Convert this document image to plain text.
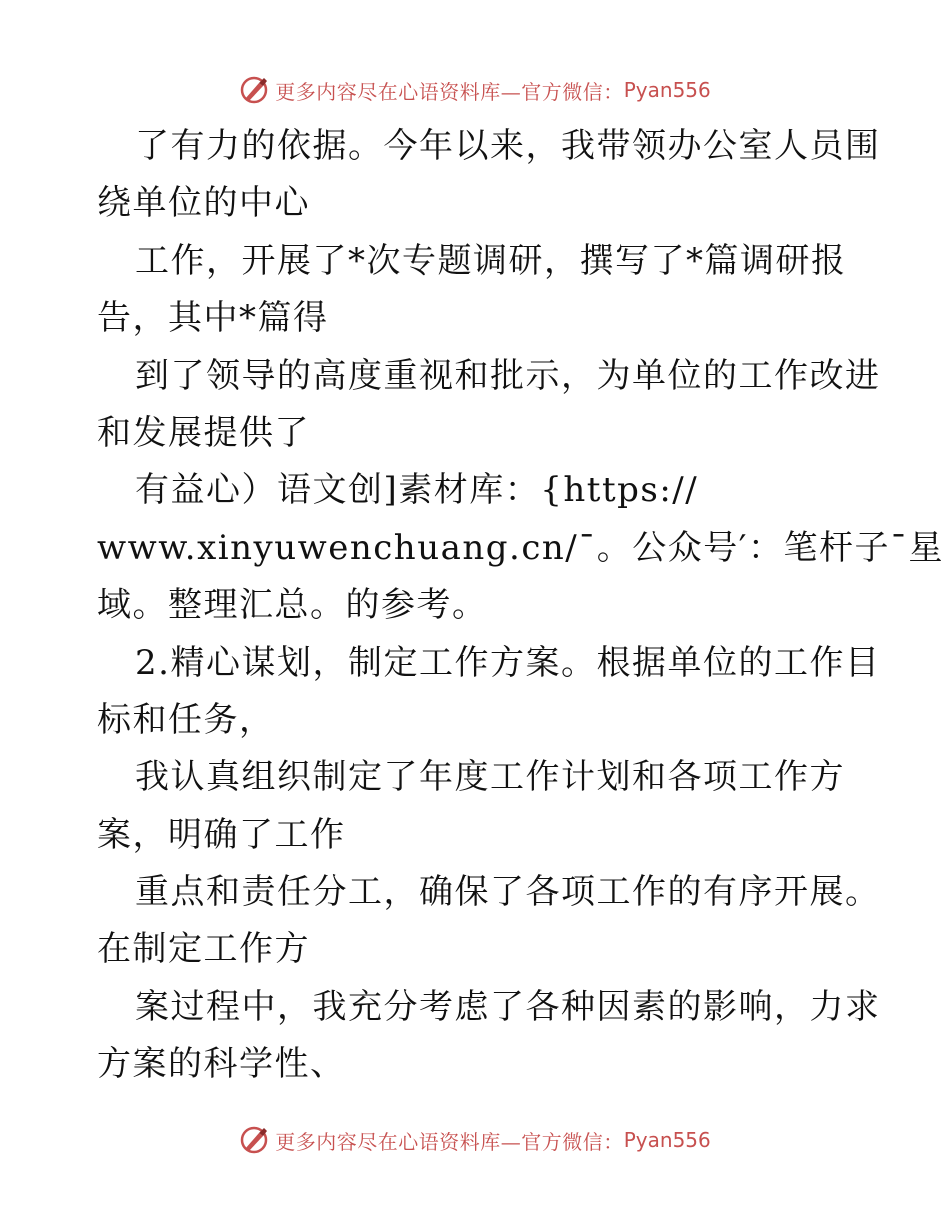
更多内容尽在心语资料库—官方微信： Pyan556
了有力的依据。今年以来，我带领办公室人员围
绕单位的中心
工作，开展了*次专题调研，撰写了*篇调研报
告，其中*篇得
到了领导的高度重视和批示，为单位的工作改进
和发展提供了
有益心）语文创]素材库：{https://
www.xinyuwenchuang.cn/¯。公众号′：笔杆子¯星
域。整理汇总。的参考。
2.精心谋划，制定工作方案。根据单位的工作目
标和任务，
我认真组织制定了年度工作计划和各项工作方
案，明确了工作
重点和责任分工，确保了各项工作的有序开展。
在制定工作方
案过程中，我充分考虑了各种因素的影响，力求
方案的科学性、
更多内容尽在心语资料库—官方微信： Pyan556
